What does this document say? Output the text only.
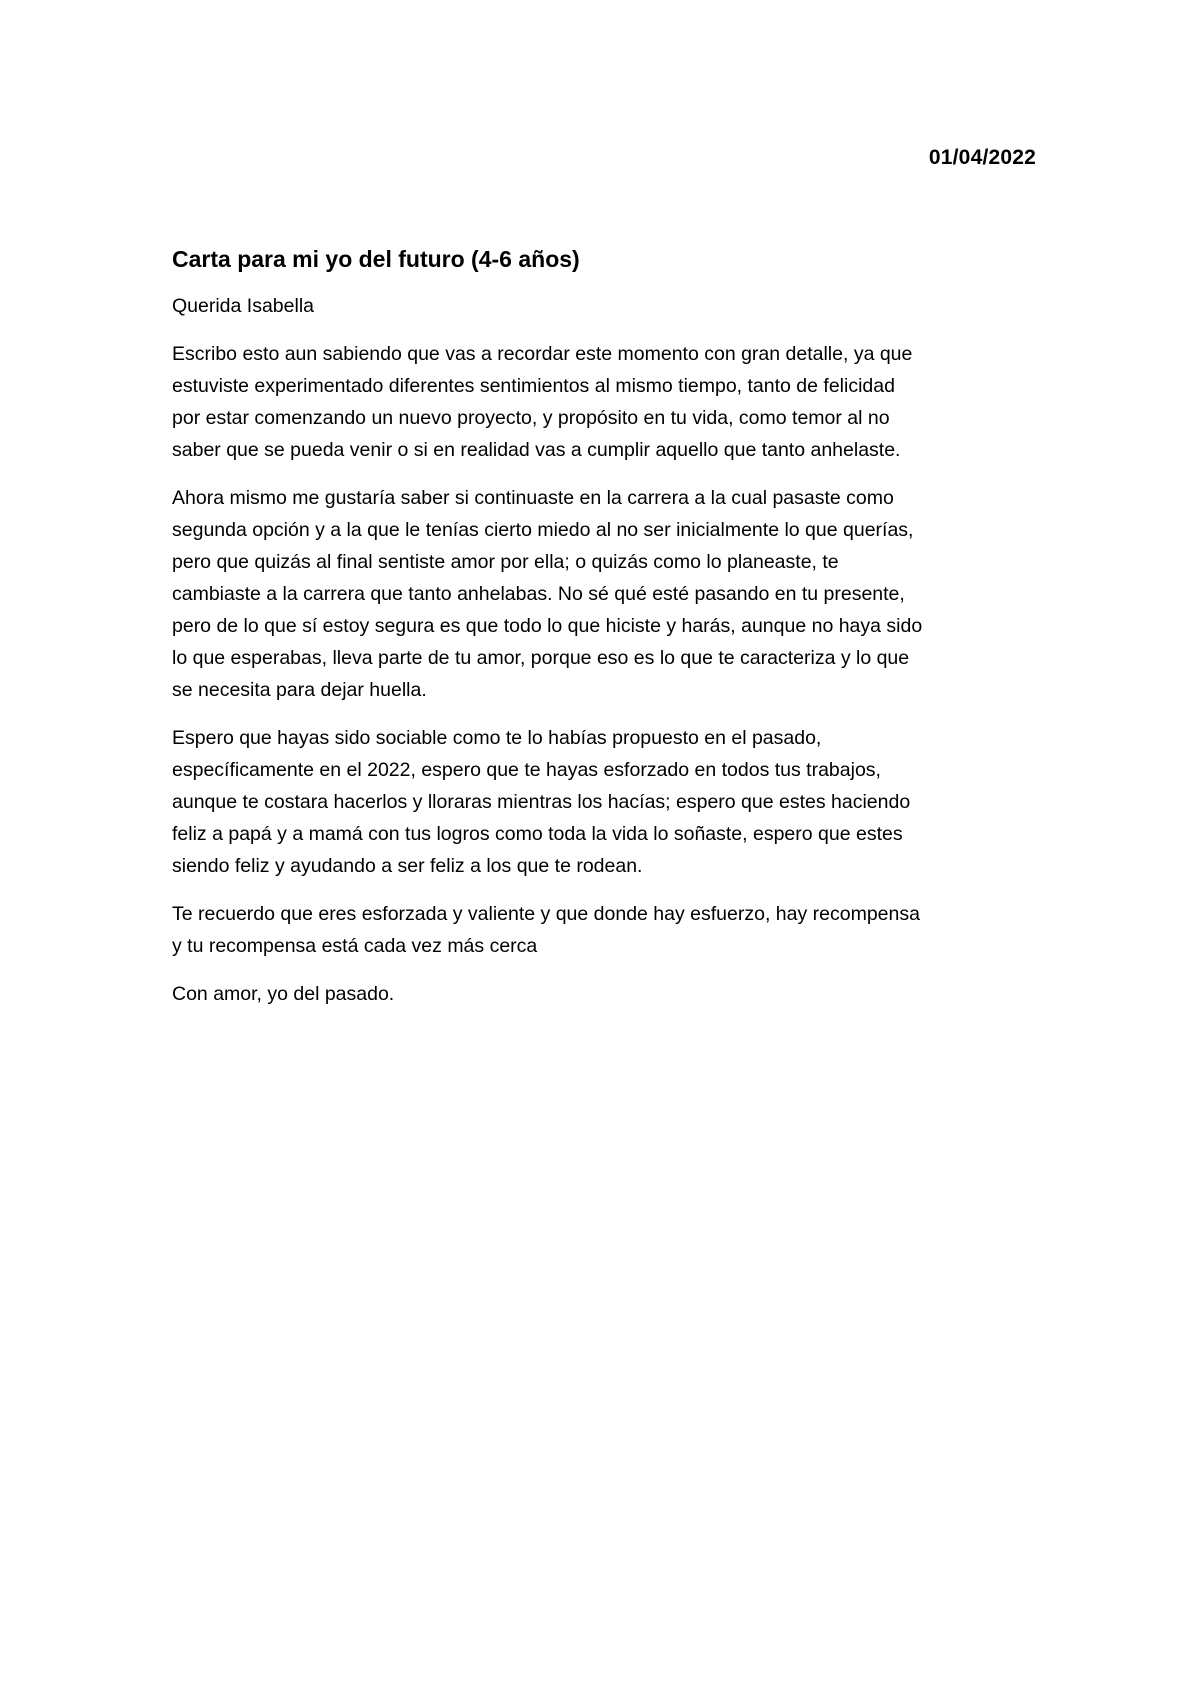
01/04/2022
Carta para mi yo del futuro (4-6 años)
Querida Isabella
Escribo esto aun sabiendo que vas a recordar este momento con gran detalle, ya que
estuviste experimentado diferentes sentimientos al mismo tiempo, tanto de felicidad
por estar comenzando un nuevo proyecto, y propósito en tu vida, como temor al no
saber que se pueda venir o si en realidad vas a cumplir aquello que tanto anhelaste.
Ahora mismo me gustaría saber si continuaste en la carrera a la cual pasaste como
segunda opción y a la que le tenías cierto miedo al no ser inicialmente lo que querías,
pero que quizás al final sentiste amor por ella; o quizás como lo planeaste, te
cambiaste a la carrera que tanto anhelabas. No sé qué esté pasando en tu presente,
pero de lo que sí estoy segura es que todo lo que hiciste y harás, aunque no haya sido
lo que esperabas, lleva parte de tu amor, porque eso es lo que te caracteriza y lo que
se necesita para dejar huella.
Espero que hayas sido sociable como te lo habías propuesto en el pasado,
específicamente en el 2022, espero que te hayas esforzado en todos tus trabajos,
aunque te costara hacerlos y lloraras mientras los hacías; espero que estes haciendo
feliz a papá y a mamá con tus logros como toda la vida lo soñaste, espero que estes
siendo feliz y ayudando a ser feliz a los que te rodean.
Te recuerdo que eres esforzada y valiente y que donde hay esfuerzo, hay recompensa
y tu recompensa está cada vez más cerca
Con amor, yo del pasado.
